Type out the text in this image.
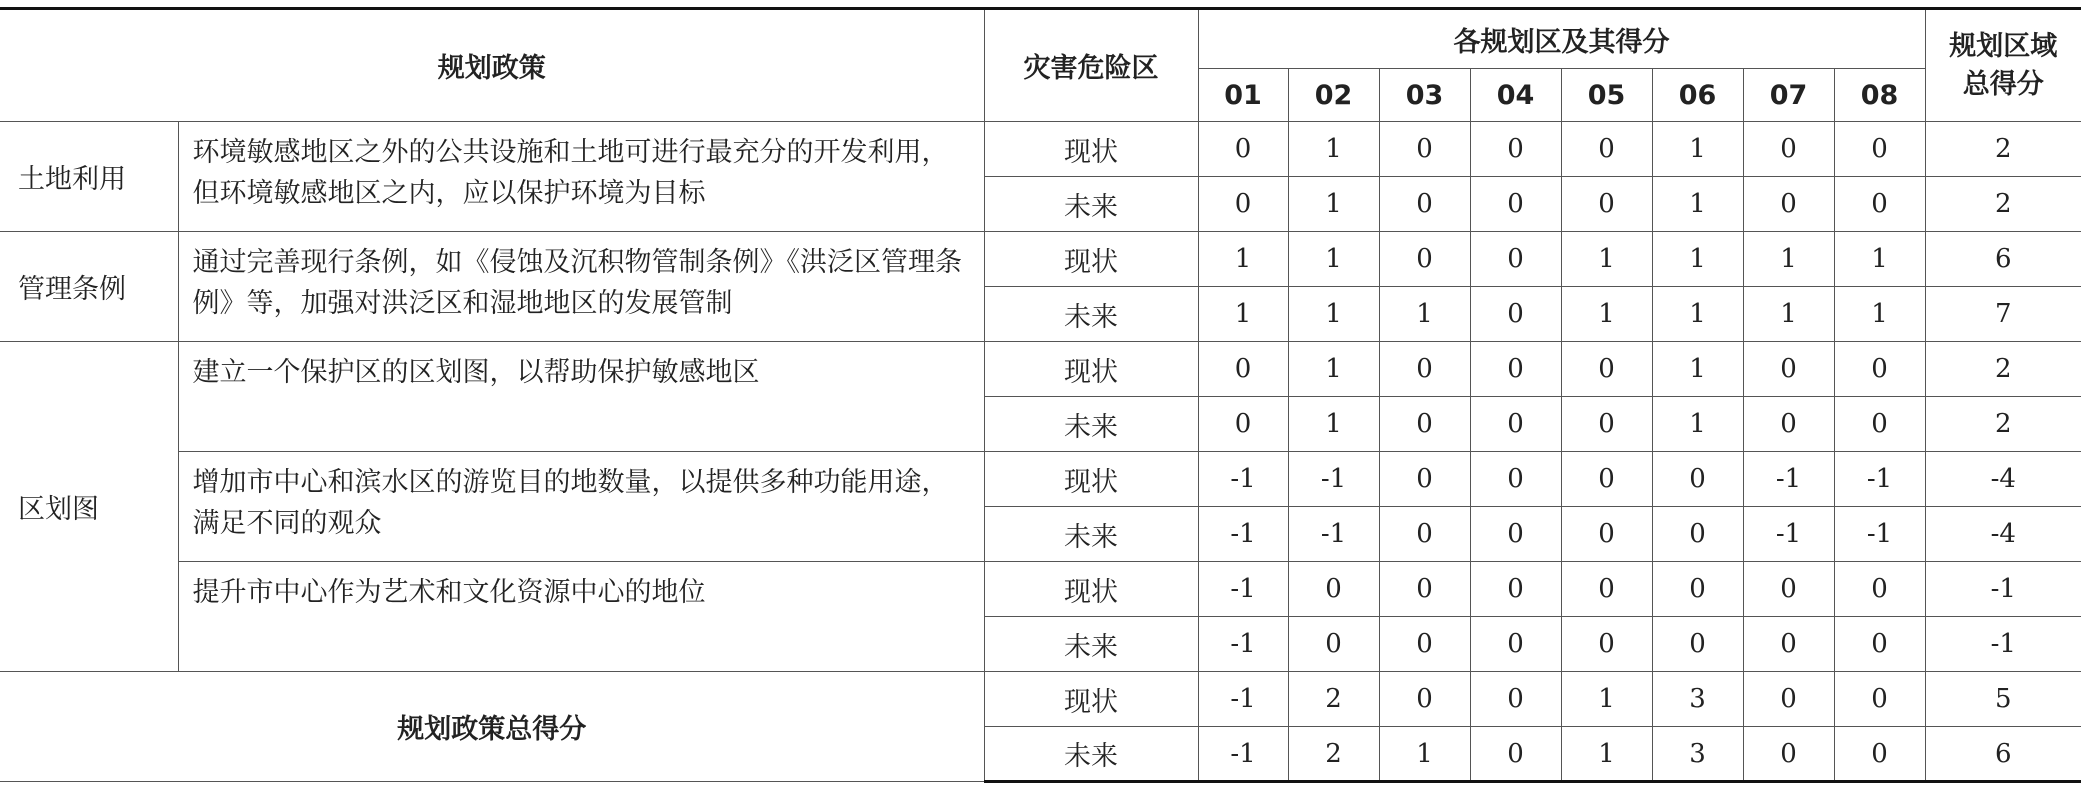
规划政策		灾害危险区	各规划区及其得分								规划区域总得分
			01	02	03	04	05	06	07	08	
土地利用	环境敏感地区之外的公共设施和土地可进行最充分的开发利用，但环境敏感地区之内，应以保护环境为目标	现状	0	1	0	0	0	1	0	0	2
		未来	0	1	0	0	0	1	0	0	2
管理条例	通过完善现行条例，如《侵蚀及沉积物管制条例》《洪泛区管理条例》等，加强对洪泛区和湿地地区的发展管制	现状	1	1	0	0	1	1	1	1	6
		未来	1	1	1	0	1	1	1	1	7
区划图	建立一个保护区的区划图，以帮助保护敏感地区	现状	0	1	0	0	0	1	0	0	2
		未来	0	1	0	0	0	1	0	0	2
	增加市中心和滨水区的游览目的地数量，以提供多种功能用途，满足不同的观众	现状	-1	-1	0	0	0	0	-1	-1	-4
		未来	-1	-1	0	0	0	0	-1	-1	-4
	提升市中心作为艺术和文化资源中心的地位	现状	-1	0	0	0	0	0	0	0	-1
		未来	-1	0	0	0	0	0	0	0	-1
规划政策总得分		现状	-1	2	0	0	1	3	0	0	5
		未来	-1	2	1	0	1	3	0	0	6
